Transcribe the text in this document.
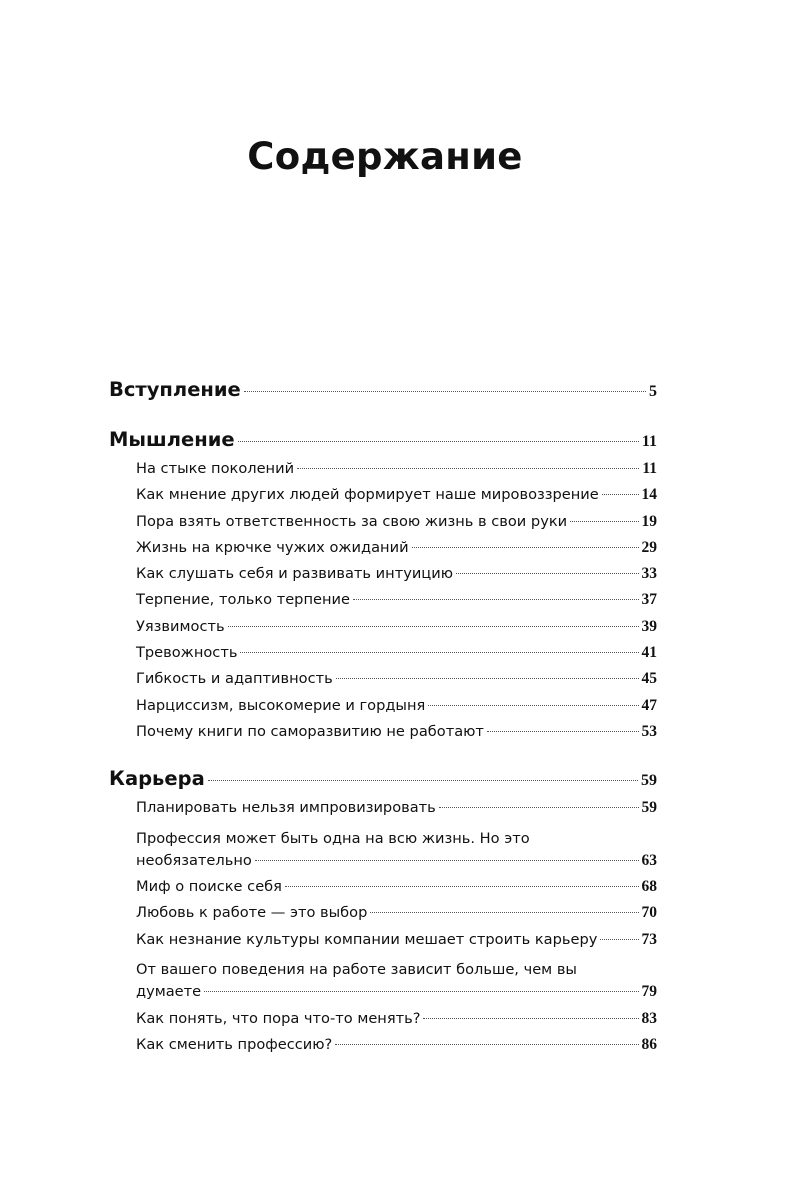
Содержание
Вступление	5
Мышление	11
На стыке поколений	11
Как мнение других людей формирует наше мировоззрение	14
Пора взять ответственность за свою жизнь в свои руки	19
Жизнь на крючке чужих ожиданий	29
Как слушать себя и развивать интуицию	33
Терпение, только терпение	37
Уязвимость	39
Тревожность	41
Гибкость и адаптивность	45
Нарциссизм, высокомерие и гордыня	47
Почему книги по саморазвитию не работают	53
Карьера	59
Планировать нельзя импровизировать	59
Профессия может быть одна на всю жизнь. Но это
необязательно	63
Миф о поиске себя	68
Любовь к работе — это выбор	70
Как незнание культуры компании мешает строить карьеру	73
От вашего поведения на работе зависит больше, чем вы
думаете	79
Как понять, что пора что-то менять?	83
Как сменить профессию?	86
